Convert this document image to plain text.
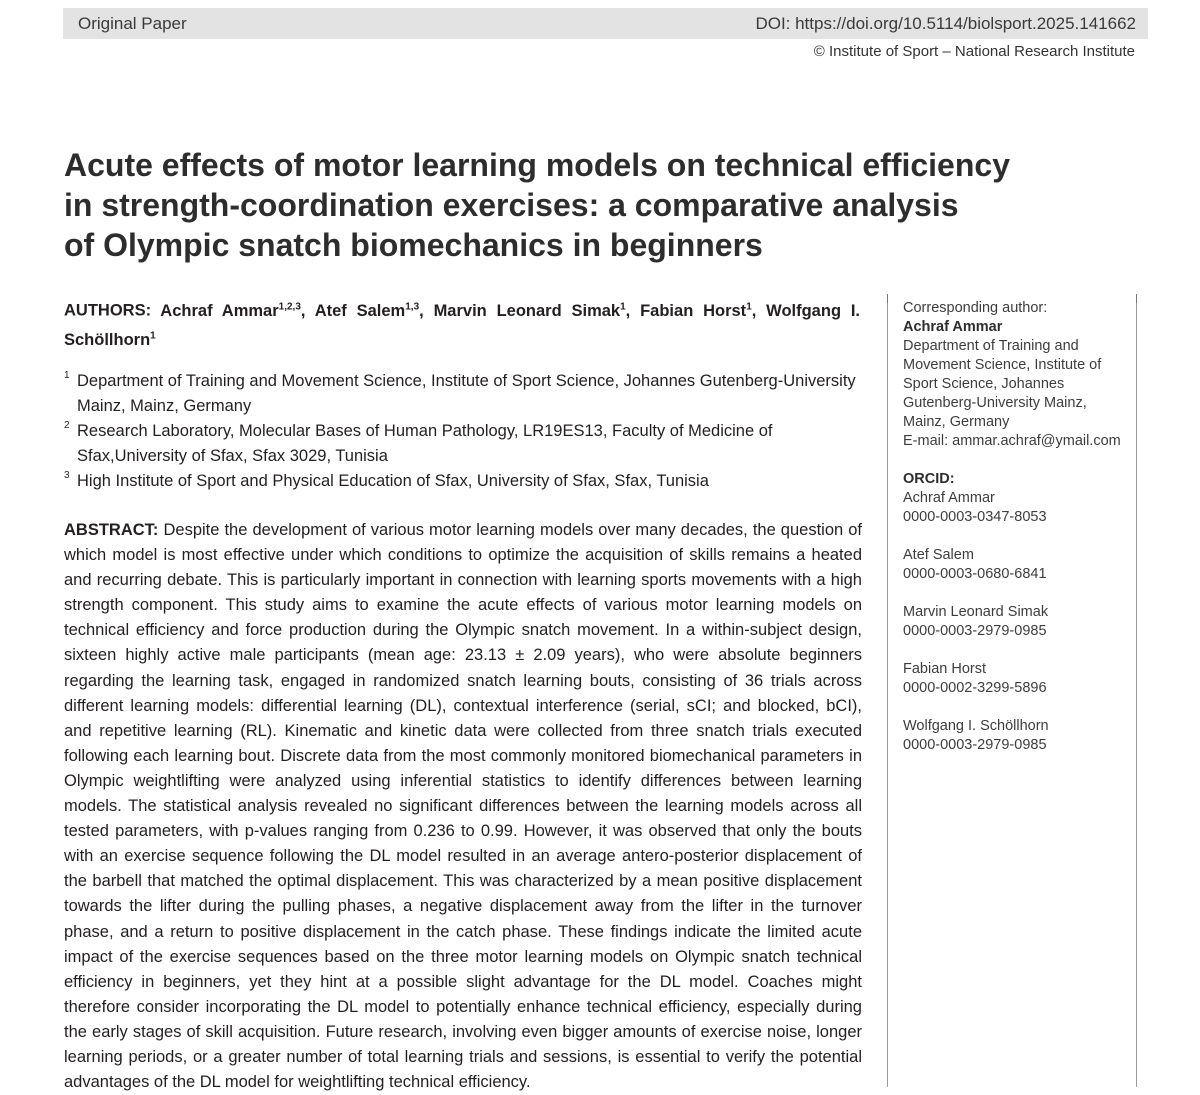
Original Paper	DOI: https://doi.org/10.5114/biolsport.2025.141662
© Institute of Sport – National Research Institute
Acute effects of motor learning models on technical efficiency
in strength-coordination exercises: a comparative analysis
of Olympic snatch biomechanics in beginners
AUTHORS: Achraf Ammar$^{1,2,3}$, Atef Salem$^{1,3}$, Marvin Leonard Simak$^1$, Fabian Horst$^1$, Wolfgang I. Schöllhorn$^1$
1 Department of Training and Movement Science, Institute of Sport Science, Johannes Gutenberg-University Mainz, Mainz, Germany
2 Research Laboratory, Molecular Bases of Human Pathology, LR19ES13, Faculty of Medicine of Sfax,University of Sfax, Sfax 3029, Tunisia
3 High Institute of Sport and Physical Education of Sfax, University of Sfax, Sfax, Tunisia
ABSTRACT: Despite the development of various motor learning models over many decades, the question of which model is most effective under which conditions to optimize the acquisition of skills remains a heated and recurring debate. This is particularly important in connection with learning sports movements with a high strength component. This study aims to examine the acute effects of various motor learning models on technical efficiency and force production during the Olympic snatch movement. In a within-subject design, sixteen highly active male participants (mean age: 23.13 ± 2.09 years), who were absolute beginners regarding the learning task, engaged in randomized snatch learning bouts, consisting of 36 trials across different learning models: differential learning (DL), contextual interference (serial, sCI; and blocked, bCI), and repetitive learning (RL). Kinematic and kinetic data were collected from three snatch trials executed following each learning bout. Discrete data from the most commonly monitored biomechanical parameters in Olympic weightlifting were analyzed using inferential statistics to identify differences between learning models. The statistical analysis revealed no significant differences between the learning models across all tested parameters, with p-values ranging from 0.236 to 0.99. However, it was observed that only the bouts with an exercise sequence following the DL model resulted in an average antero-posterior displacement of the barbell that matched the optimal displacement. This was characterized by a mean positive displacement towards the lifter during the pulling phases, a negative displacement away from the lifter in the turnover phase, and a return to positive displacement in the catch phase. These findings indicate the limited acute impact of the exercise sequences based on the three motor learning models on Olympic snatch technical efficiency in beginners, yet they hint at a possible slight advantage for the DL model. Coaches might therefore consider incorporating the DL model to potentially enhance technical efficiency, especially during the early stages of skill acquisition. Future research, involving even bigger amounts of exercise noise, longer learning periods, or a greater number of total learning trials and sessions, is essential to verify the potential advantages of the DL model for weightlifting technical efficiency.
Corresponding author:
Achraf Ammar
Department of Training and
Movement Science, Institute of
Sport Science, Johannes
Gutenberg-University Mainz,
Mainz, Germany
E-mail: ammar.achraf@ymail.com
ORCID:
Achraf Ammar
0000-0003-0347-8053
Atef Salem
0000-0003-0680-6841
Marvin Leonard Simak
0000-0003-2979-0985
Fabian Horst
0000-0002-3299-5896
Wolfgang I. Schöllhorn
0000-0003-2979-0985
